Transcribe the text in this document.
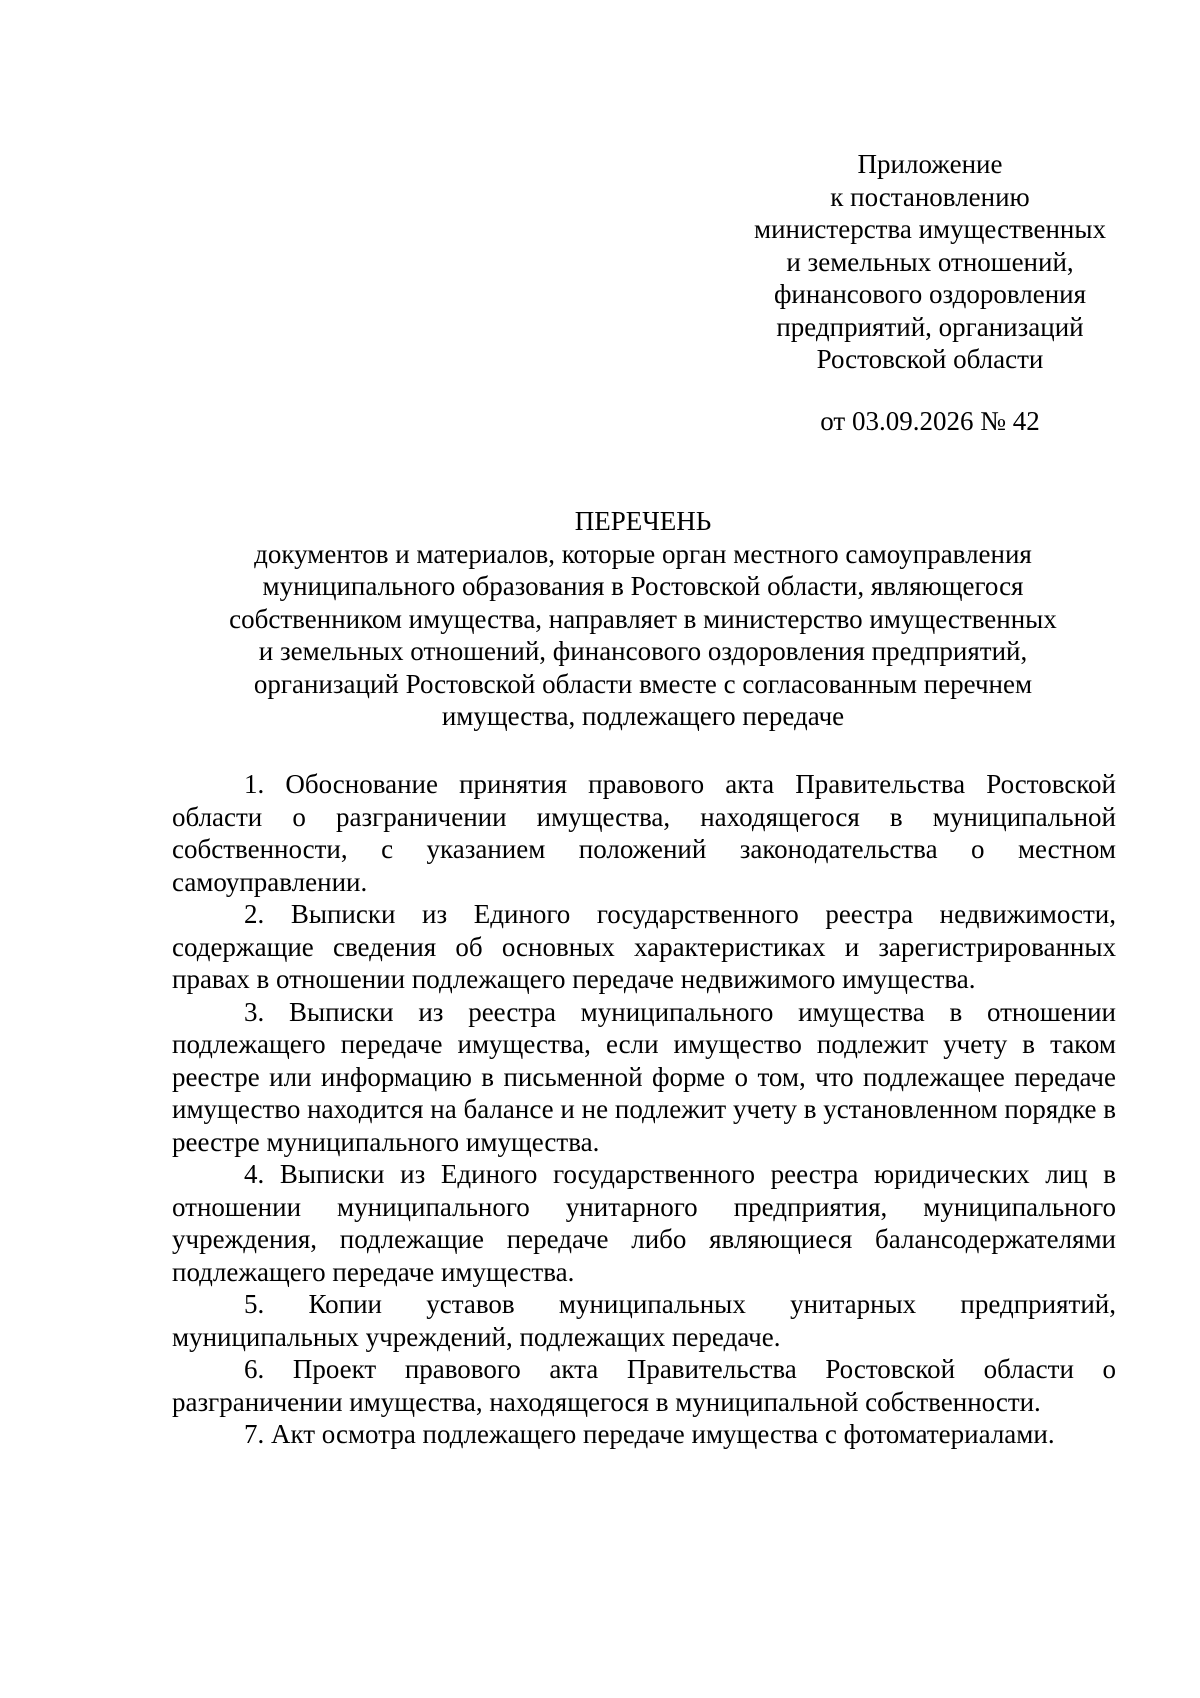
Приложение
к постановлению
министерства имущественных
и земельных отношений,
финансового оздоровления
предприятий, организаций
Ростовской области
от 03.09.2026 № 42
ПЕРЕЧЕНЬ
документов и материалов, которые орган местного самоуправления
муниципального образования в Ростовской области, являющегося
собственником имущества, направляет в министерство имущественных
и земельных отношений, финансового оздоровления предприятий,
организаций Ростовской области вместе с согласованным перечнем
имущества, подлежащего передаче

1. Обоснование принятия правового акта Правительства Ростовской области о разграничении имущества, находящегося в муниципальной собственности, с указанием положений законодательства о местном самоуправлении.

2. Выписки из Единого государственного реестра недвижимости, содержащие сведения об основных характеристиках и зарегистрированных правах в отношении подлежащего передаче недвижимого имущества.

3. Выписки из реестра муниципального имущества в отношении подлежащего передаче имущества, если имущество подлежит учету в таком реестре или информацию в письменной форме о том, что подлежащее передаче имущество находится на балансе и не подлежит учету в установленном порядке в реестре муниципального имущества.

4. Выписки из Единого государственного реестра юридических лиц в отношении муниципального унитарного предприятия, муниципального учреждения, подлежащие передаче либо являющиеся балансодержателями подлежащего передаче имущества.

5. Копии уставов муниципальных унитарных предприятий, муниципальных учреждений, подлежащих передаче.

6. Проект правового акта Правительства Ростовской области о разграничении имущества, находящегося в муниципальной собственности.

7. Акт осмотра подлежащего передаче имущества с фотоматериалами.
